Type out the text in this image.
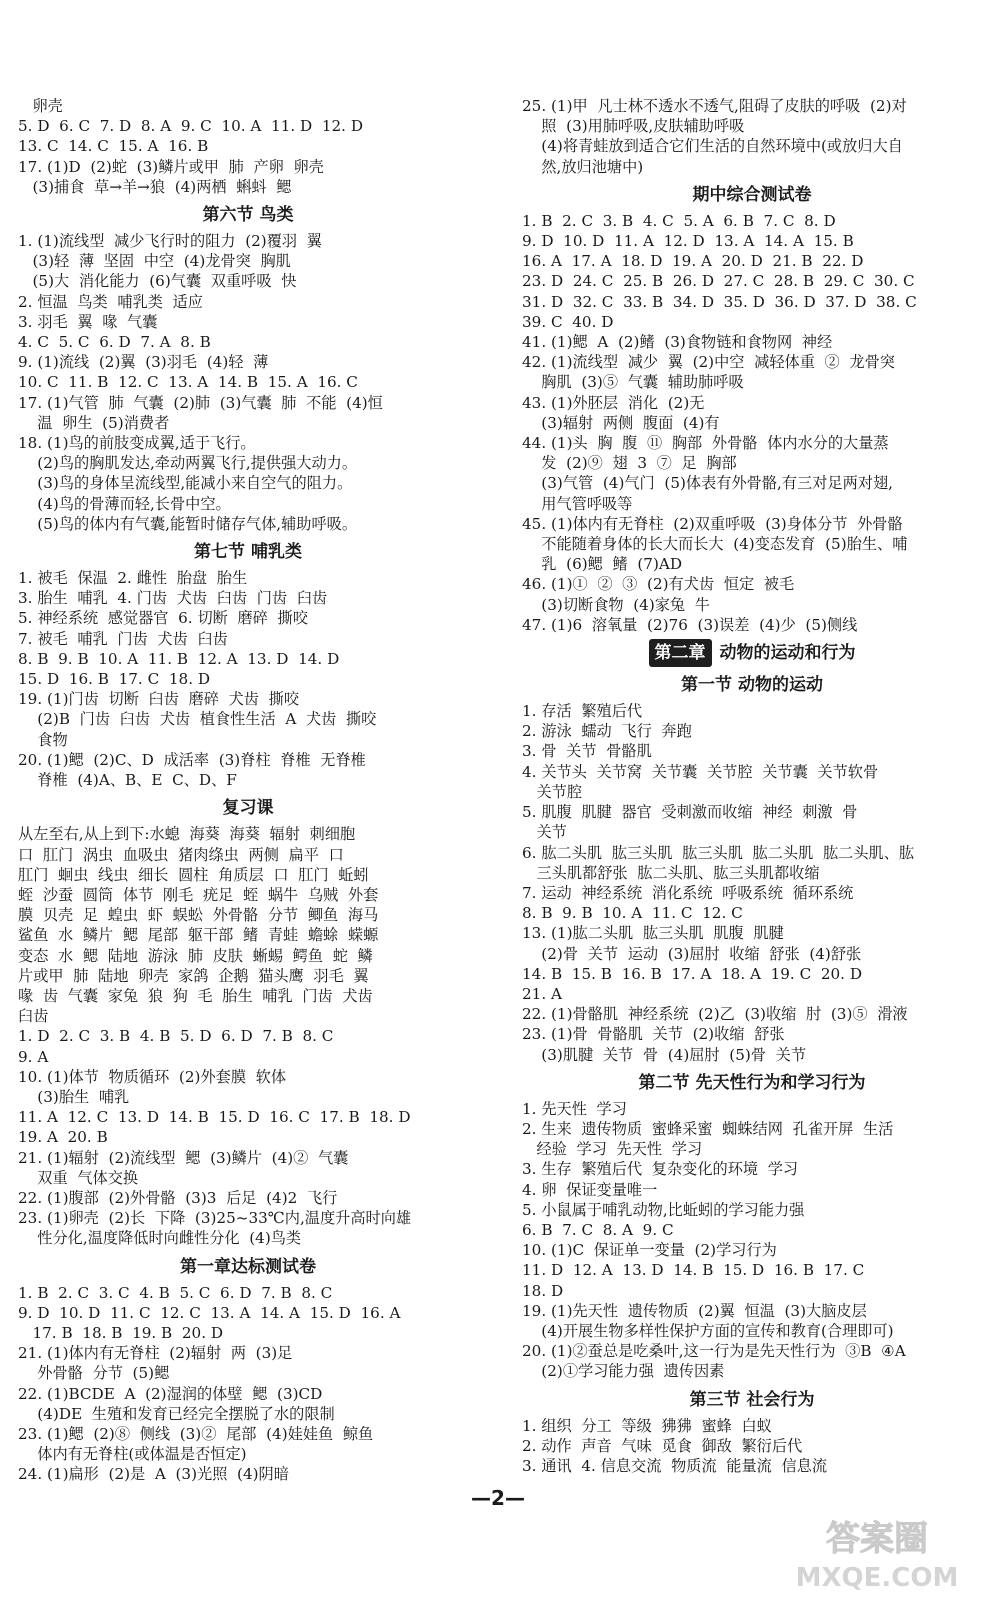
卵壳
5. D  6. C  7. D  8. A  9. C  10. A  11. D  12. D
13. C  14. C  15. A  16. B
17. (1)D  (2)蛇  (3)鳞片或甲  肺  产卵  卵壳
(3)捕食  草→羊→狼  (4)两栖  蝌蚪  鳃
第六节 鸟类
1. (1)流线型  减少飞行时的阻力  (2)覆羽  翼
(3)轻  薄  坚固  中空  (4)龙骨突  胸肌
(5)大  消化能力  (6)气囊  双重呼吸  快
2. 恒温  鸟类  哺乳类  适应
3. 羽毛  翼  喙  气囊
4. C  5. C  6. D  7. A  8. B
9. (1)流线  (2)翼  (3)羽毛  (4)轻  薄
10. C  11. B  12. C  13. A  14. B  15. A  16. C
17. (1)气管  肺  气囊  (2)肺  (3)气囊  肺  不能  (4)恒
温  卵生  (5)消费者
18. (1)鸟的前肢变成翼,适于飞行。
(2)鸟的胸肌发达,牵动两翼飞行,提供强大动力。
(3)鸟的身体呈流线型,能减小来自空气的阻力。
(4)鸟的骨薄而轻,长骨中空。
(5)鸟的体内有气囊,能暂时储存气体,辅助呼吸。
第七节 哺乳类
1. 被毛  保温  2. 雌性  胎盘  胎生
3. 胎生  哺乳  4. 门齿  犬齿  臼齿  门齿  臼齿
5. 神经系统  感觉器官  6. 切断  磨碎  撕咬
7. 被毛  哺乳  门齿  犬齿  臼齿
8. B  9. B  10. A  11. B  12. A  13. D  14. D
15. D  16. B  17. C  18. D
19. (1)门齿  切断  臼齿  磨碎  犬齿  撕咬
(2)B  门齿  臼齿  犬齿  植食性生活  A  犬齿  撕咬
食物
20. (1)鳃  (2)C、D  成活率  (3)脊柱  脊椎  无脊椎
脊椎  (4)A、B、E  C、D、F
复习课
从左至右,从上到下:水螅  海葵  海葵  辐射  刺细胞
口  肛门  涡虫  血吸虫  猪肉绦虫  两侧  扁平  口
肛门  蛔虫  线虫  细长  圆柱  角质层  口  肛门  蚯蚓
蛭  沙蚕  圆筒  体节  刚毛  疣足  蛭  蜗牛  乌贼  外套
膜  贝壳  足  蝗虫  虾  蜈蚣  外骨骼  分节  鲫鱼  海马
鲨鱼  水  鳞片  鳃  尾部  躯干部  鳍  青蛙  蟾蜍  蝾螈
变态  水  鳃  陆地  游泳  肺  皮肤  蜥蜴  鳄鱼  蛇  鳞
片或甲  肺  陆地  卵壳  家鸽  企鹅  猫头鹰  羽毛  翼
喙  齿  气囊  家兔  狼  狗  毛  胎生  哺乳  门齿  犬齿
臼齿
1. D  2. C  3. B  4. B  5. D  6. D  7. B  8. C
9. A
10. (1)体节  物质循环  (2)外套膜  软体
(3)胎生  哺乳
11. A  12. C  13. D  14. B  15. D  16. C  17. B  18. D
19. A  20. B
21. (1)辐射  (2)流线型  鳃  (3)鳞片  (4)②  气囊
双重  气体交换
22. (1)腹部  (2)外骨骼  (3)3  后足  (4)2  飞行
23. (1)卵壳  (2)长  下降  (3)25~33℃内,温度升高时向雄
性分化,温度降低时向雌性分化  (4)鸟类
第一章达标测试卷
1. B  2. C  3. C  4. B  5. C  6. D  7. B  8. C
9. D  10. D  11. C  12. C  13. A  14. A  15. D  16. A
17. B  18. B  19. B  20. D
21. (1)体内有无脊柱  (2)辐射  两  (3)足
外骨骼  分节  (5)鳃
22. (1)BCDE  A  (2)湿润的体壁  鳃  (3)CD
(4)DE  生殖和发育已经完全摆脱了水的限制
23. (1)鳃  (2)⑧  侧线  (3)②  尾部  (4)娃娃鱼  鲸鱼
体内有无脊柱(或体温是否恒定)
24. (1)扁形  (2)是  A  (3)光照  (4)阴暗
25. (1)甲  凡士林不透水不透气,阻碍了皮肤的呼吸  (2)对
照  (3)用肺呼吸,皮肤辅助呼吸
(4)将青蛙放到适合它们生活的自然环境中(或放归大自
然,放归池塘中)
期中综合测试卷
1. B  2. C  3. B  4. C  5. A  6. B  7. C  8. D
9. D  10. D  11. A  12. D  13. A  14. A  15. B
16. A  17. A  18. D  19. A  20. D  21. B  22. D
23. D  24. C  25. B  26. D  27. C  28. B  29. C  30. C
31. D  32. C  33. B  34. D  35. D  36. D  37. D  38. C
39. C  40. D
41. (1)鳃  A  (2)鳍  (3)食物链和食物网  神经
42. (1)流线型  减少  翼  (2)中空  减轻体重  ②  龙骨突
胸肌  (3)⑤  气囊  辅助肺呼吸
43. (1)外胚层  消化  (2)无
(3)辐射  两侧  腹面  (4)有
44. (1)头  胸  腹  ⑪  胸部  外骨骼  体内水分的大量蒸
发  (2)⑨  翅  3  ⑦  足  胸部
(3)气管  (4)气门  (5)体表有外骨骼,有三对足两对翅,
用气管呼吸等
45. (1)体内有无脊柱  (2)双重呼吸  (3)身体分节  外骨骼
不能随着身体的长大而长大  (4)变态发育  (5)胎生、哺
乳  (6)鳃  鳍  (7)AD
46. (1)①  ②  ③  (2)有犬齿  恒定  被毛
(3)切断食物  (4)家兔  牛
47. (1)6  溶氧量  (2)76  (3)误差  (4)少  (5)侧线
第二章 动物的运动和行为
第一节 动物的运动
1. 存活  繁殖后代
2. 游泳  蠕动  飞行  奔跑
3. 骨  关节  骨骼肌
4. 关节头  关节窝  关节囊  关节腔  关节囊  关节软骨
关节腔
5. 肌腹  肌腱  器官  受刺激而收缩  神经  刺激  骨
关节
6. 肱二头肌  肱三头肌  肱三头肌  肱二头肌  肱二头肌、肱
三头肌都舒张  肱二头肌、肱三头肌都收缩
7. 运动  神经系统  消化系统  呼吸系统  循环系统
8. B  9. B  10. A  11. C  12. C
13. (1)肱二头肌  肱三头肌  肌腹  肌腱
(2)骨  关节  运动  (3)屈肘  收缩  舒张  (4)舒张
14. B  15. B  16. B  17. A  18. A  19. C  20. D
21. A
22. (1)骨骼肌  神经系统  (2)乙  (3)收缩  肘  (3)⑤  滑液
23. (1)骨  骨骼肌  关节  (2)收缩  舒张
(3)肌腱  关节  骨  (4)屈肘  (5)骨  关节
第二节 先天性行为和学习行为
1. 先天性  学习
2. 生来  遗传物质  蜜蜂采蜜  蜘蛛结网  孔雀开屏  生活
经验  学习  先天性  学习
3. 生存  繁殖后代  复杂变化的环境  学习
4. 卵  保证变量唯一
5. 小鼠属于哺乳动物,比蚯蚓的学习能力强
6. B  7. C  8. A  9. C
10. (1)C  保证单一变量  (2)学习行为
11. D  12. A  13. D  14. B  15. D  16. B  17. C
18. D
19. (1)先天性  遗传物质  (2)翼  恒温  (3)大脑皮层
(4)开展生物多样性保护方面的宣传和教育(合理即可)
20. (1)②蚕总是吃桑叶,这一行为是先天性行为  ③B  ④A
(2)①学习能力强  遗传因素
第三节 社会行为
1. 组织  分工  等级  狒狒  蜜蜂  白蚁
2. 动作  声音  气味  觅食  御敌  繁衍后代
3. 通讯  4. 信息交流  物质流  能量流  信息流
—2—
答案圈
MXQE.COM
